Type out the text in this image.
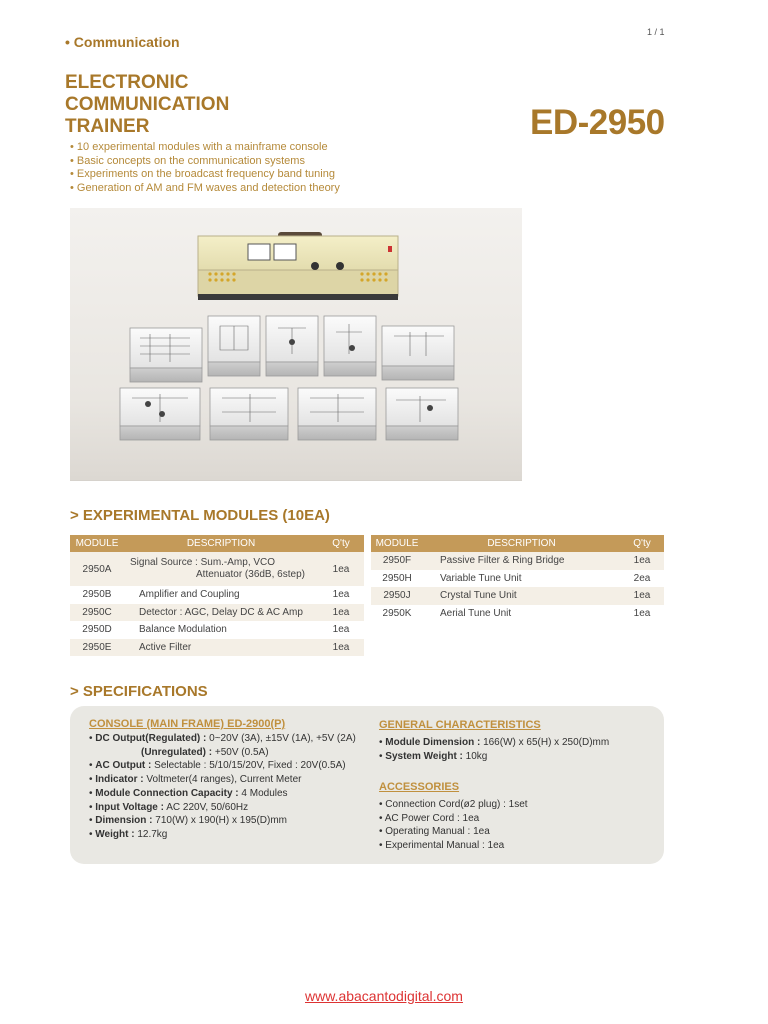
• Communication
1 / 1
ELECTRONIC
COMMUNICATION
TRAINER	ED-2950
• 10 experimental modules with a mainframe console
• Basic concepts on the communication systems
• Experiments on the broadcast frequency band tuning
• Generation of AM and FM waves and detection theory
> EXPERIMENTAL MODULES (10EA)
MODULE	DESCRIPTION	Q'ty
2950A	Signal Source : Sum.-Amp, VCO
Attenuator (36dB, 6step)	1ea
2950B	Amplifier and Coupling	1ea
2950C	Detector : AGC, Delay DC & AC Amp	1ea
2950D	Balance Modulation	1ea
2950E	Active Filter	1ea
MODULE	DESCRIPTION	Q'ty
2950F	Passive Filter & Ring Bridge	1ea
2950H	Variable Tune Unit	2ea
2950J	Crystal Tune Unit	1ea
2950K	Aerial Tune Unit	1ea
> SPECIFICATIONS
CONSOLE (MAIN FRAME) ED-2900(P)
• DC Output(Regulated) : 0~20V (3A), ±15V (1A), +5V (2A)
(Unregulated) : +50V (0.5A)
• AC Output : Selectable : 5/10/15/20V, Fixed : 20V(0.5A)
• Indicator : Voltmeter(4 ranges), Current Meter
• Module Connection Capacity : 4 Modules
• Input Voltage : AC 220V, 50/60Hz
• Dimension : 710(W) x 190(H) x 195(D)mm
• Weight : 12.7kg
GENERAL CHARACTERISTICS
• Module Dimension : 166(W) x 65(H) x 250(D)mm
• System Weight : 10kg
ACCESSORIES
• Connection Cord(ø2 plug) : 1set
• AC Power Cord : 1ea
• Operating Manual : 1ea
• Experimental Manual : 1ea
www.abacantodigital.com
